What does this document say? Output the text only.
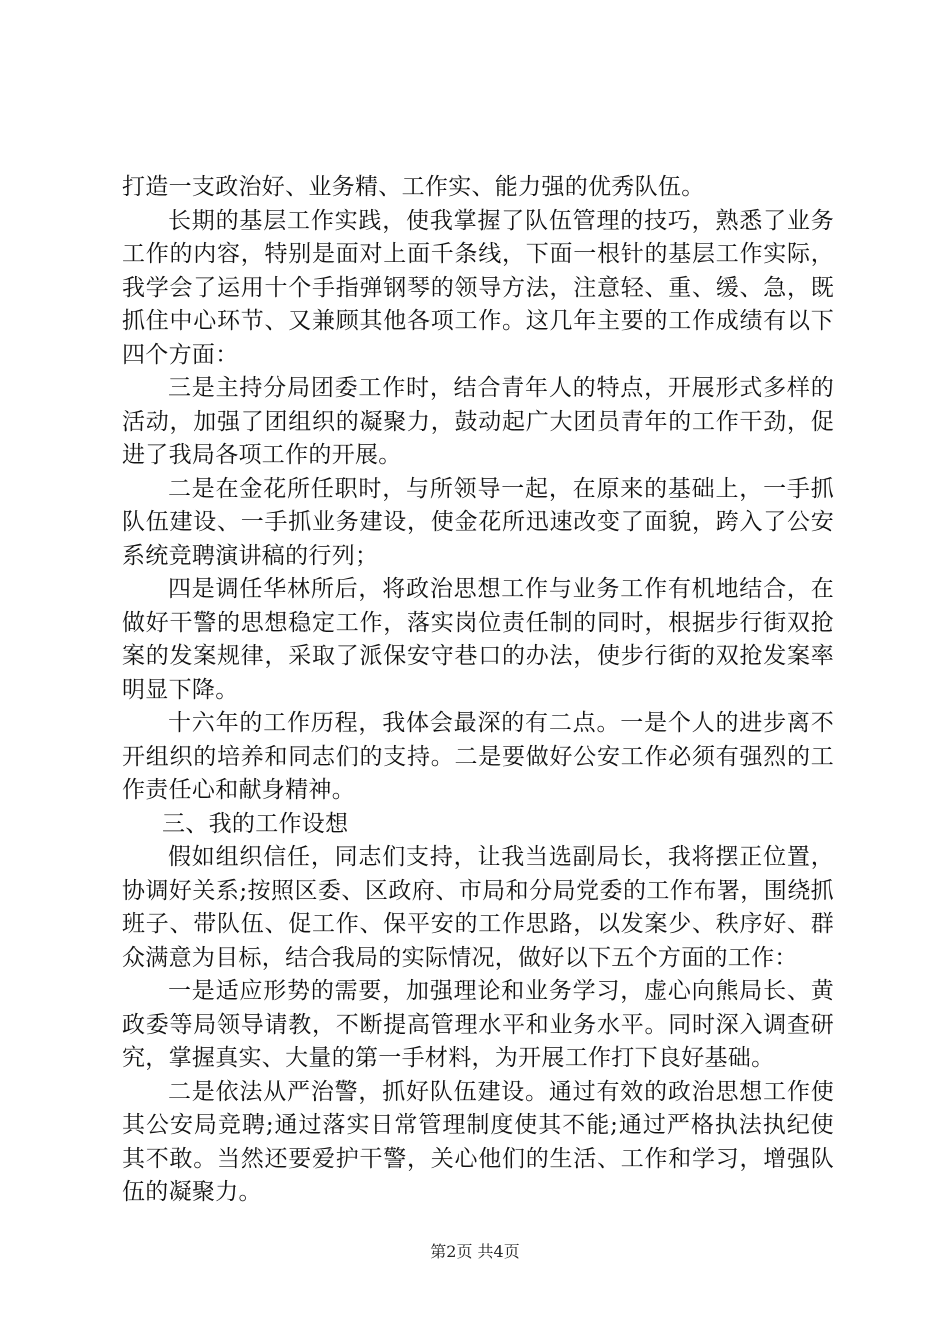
打造一支政治好、业务精、工作实、能力强的优秀队伍。

长期的基层工作实践，使我掌握了队伍管理的技巧，熟悉了业务工作的内容，特别是面对上面千条线，下面一根针的基层工作实际，我学会了运用十个手指弹钢琴的领导方法，注意轻、重、缓、急，既抓住中心环节、又兼顾其他各项工作。这几年主要的工作成绩有以下四个方面：

三是主持分局团委工作时，结合青年人的特点，开展形式多样的活动，加强了团组织的凝聚力，鼓动起广大团员青年的工作干劲，促进了我局各项工作的开展。

二是在金花所任职时，与所领导一起，在原来的基础上，一手抓队伍建设、一手抓业务建设，使金花所迅速改变了面貌，跨入了公安系统竞聘演讲稿的行列；

四是调任华林所后，将政治思想工作与业务工作有机地结合，在做好干警的思想稳定工作，落实岗位责任制的同时，根据步行街双抢案的发案规律，采取了派保安守巷口的办法，使步行街的双抢发案率明显下降。

十六年的工作历程，我体会最深的有二点。一是个人的进步离不开组织的培养和同志们的支持。二是要做好公安工作必须有强烈的工作责任心和献身精神。

三、我的工作设想

假如组织信任，同志们支持，让我当选副局长，我将摆正位置，协调好关系;按照区委、区政府、市局和分局党委的工作布署，围绕抓班子、带队伍、促工作、保平安的工作思路，以发案少、秩序好、群众满意为目标，结合我局的实际情况，做好以下五个方面的工作：

一是适应形势的需要，加强理论和业务学习，虚心向熊局长、黄政委等局领导请教，不断提高管理水平和业务水平。同时深入调查研究，掌握真实、大量的第一手材料，为开展工作打下良好基础。

二是依法从严治警，抓好队伍建设。通过有效的政治思想工作使其公安局竞聘;通过落实日常管理制度使其不能;通过严格执法执纪使其不敢。当然还要爱护干警，关心他们的生活、工作和学习，增强队伍的凝聚力。

第2页 共4页
